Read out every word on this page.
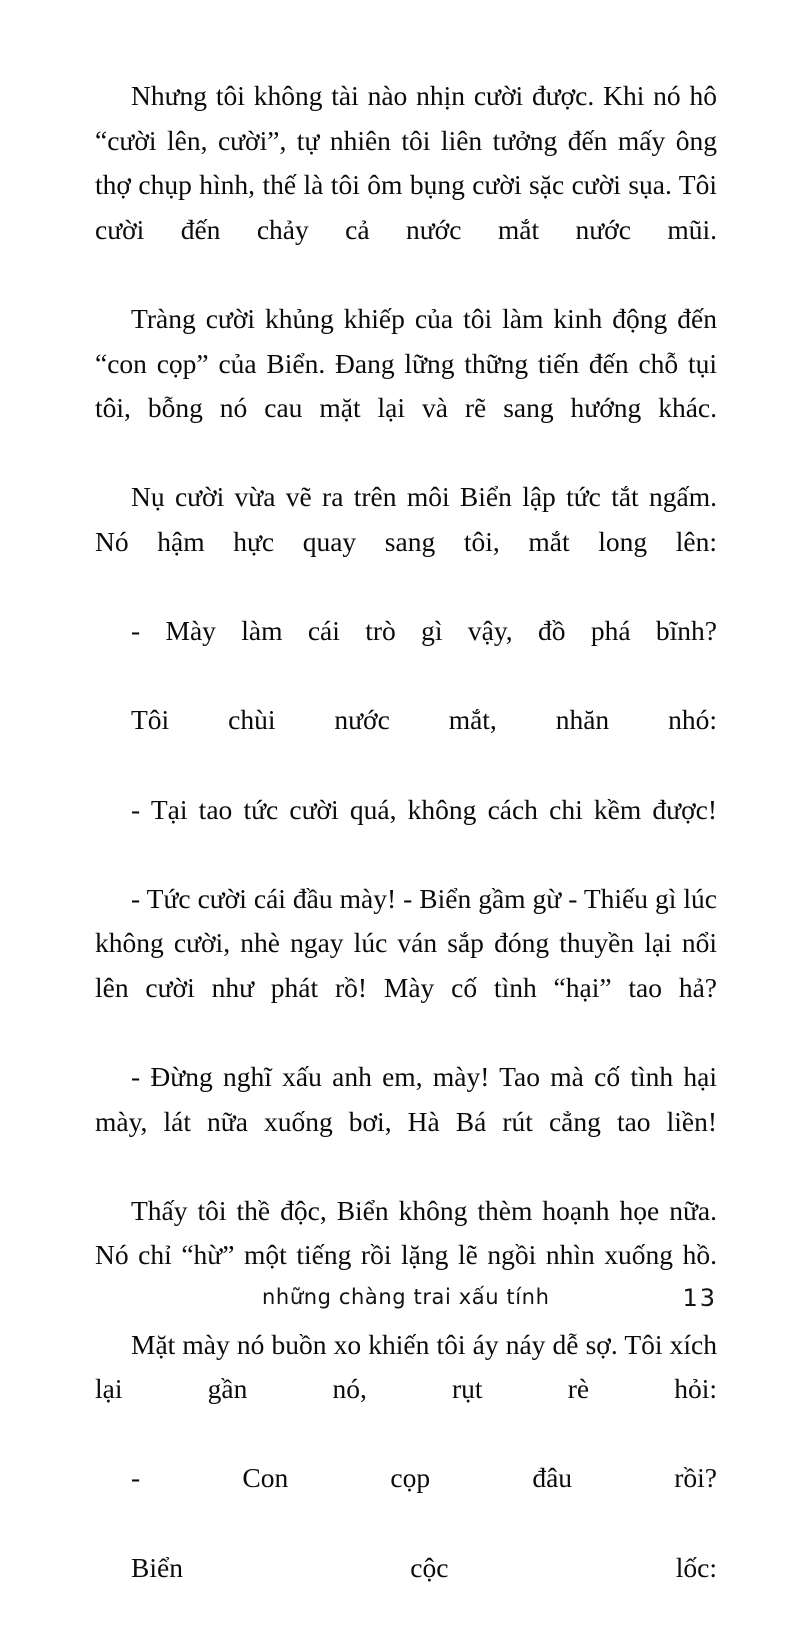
Nhưng tôi không tài nào nhịn cười được. Khi nó hô “cười lên, cười”, tự nhiên tôi liên tưởng đến mấy ông thợ chụp hình, thế là tôi ôm bụng cười sặc cười sụa. Tôi cười đến chảy cả nước mắt nước mũi.

Tràng cười khủng khiếp của tôi làm kinh động đến “con cọp” của Biển. Đang lững thững tiến đến chỗ tụi tôi, bỗng nó cau mặt lại và rẽ sang hướng khác.

Nụ cười vừa vẽ ra trên môi Biển lập tức tắt ngấm. Nó hậm hực quay sang tôi, mắt long lên:

- Mày làm cái trò gì vậy, đồ phá bĩnh?

Tôi chùi nước mắt, nhăn nhó:

- Tại tao tức cười quá, không cách chi kềm được!

- Tức cười cái đầu mày! - Biển gầm gừ - Thiếu gì lúc không cười, nhè ngay lúc ván sắp đóng thuyền lại nổi lên cười như phát rồ! Mày cố tình “hại” tao hả?

- Đừng nghĩ xấu anh em, mày! Tao mà cố tình hại mày, lát nữa xuống bơi, Hà Bá rút cẳng tao liền!

Thấy tôi thề độc, Biển không thèm hoạnh họe nữa. Nó chỉ “hừ” một tiếng rồi lặng lẽ ngồi nhìn xuống hồ.

Mặt mày nó buồn xo khiến tôi áy náy dễ sợ. Tôi xích lại gần nó, rụt rè hỏi:

- Con cọp đâu rồi?

Biển cộc lốc:

những chàng trai xấu tính	13
